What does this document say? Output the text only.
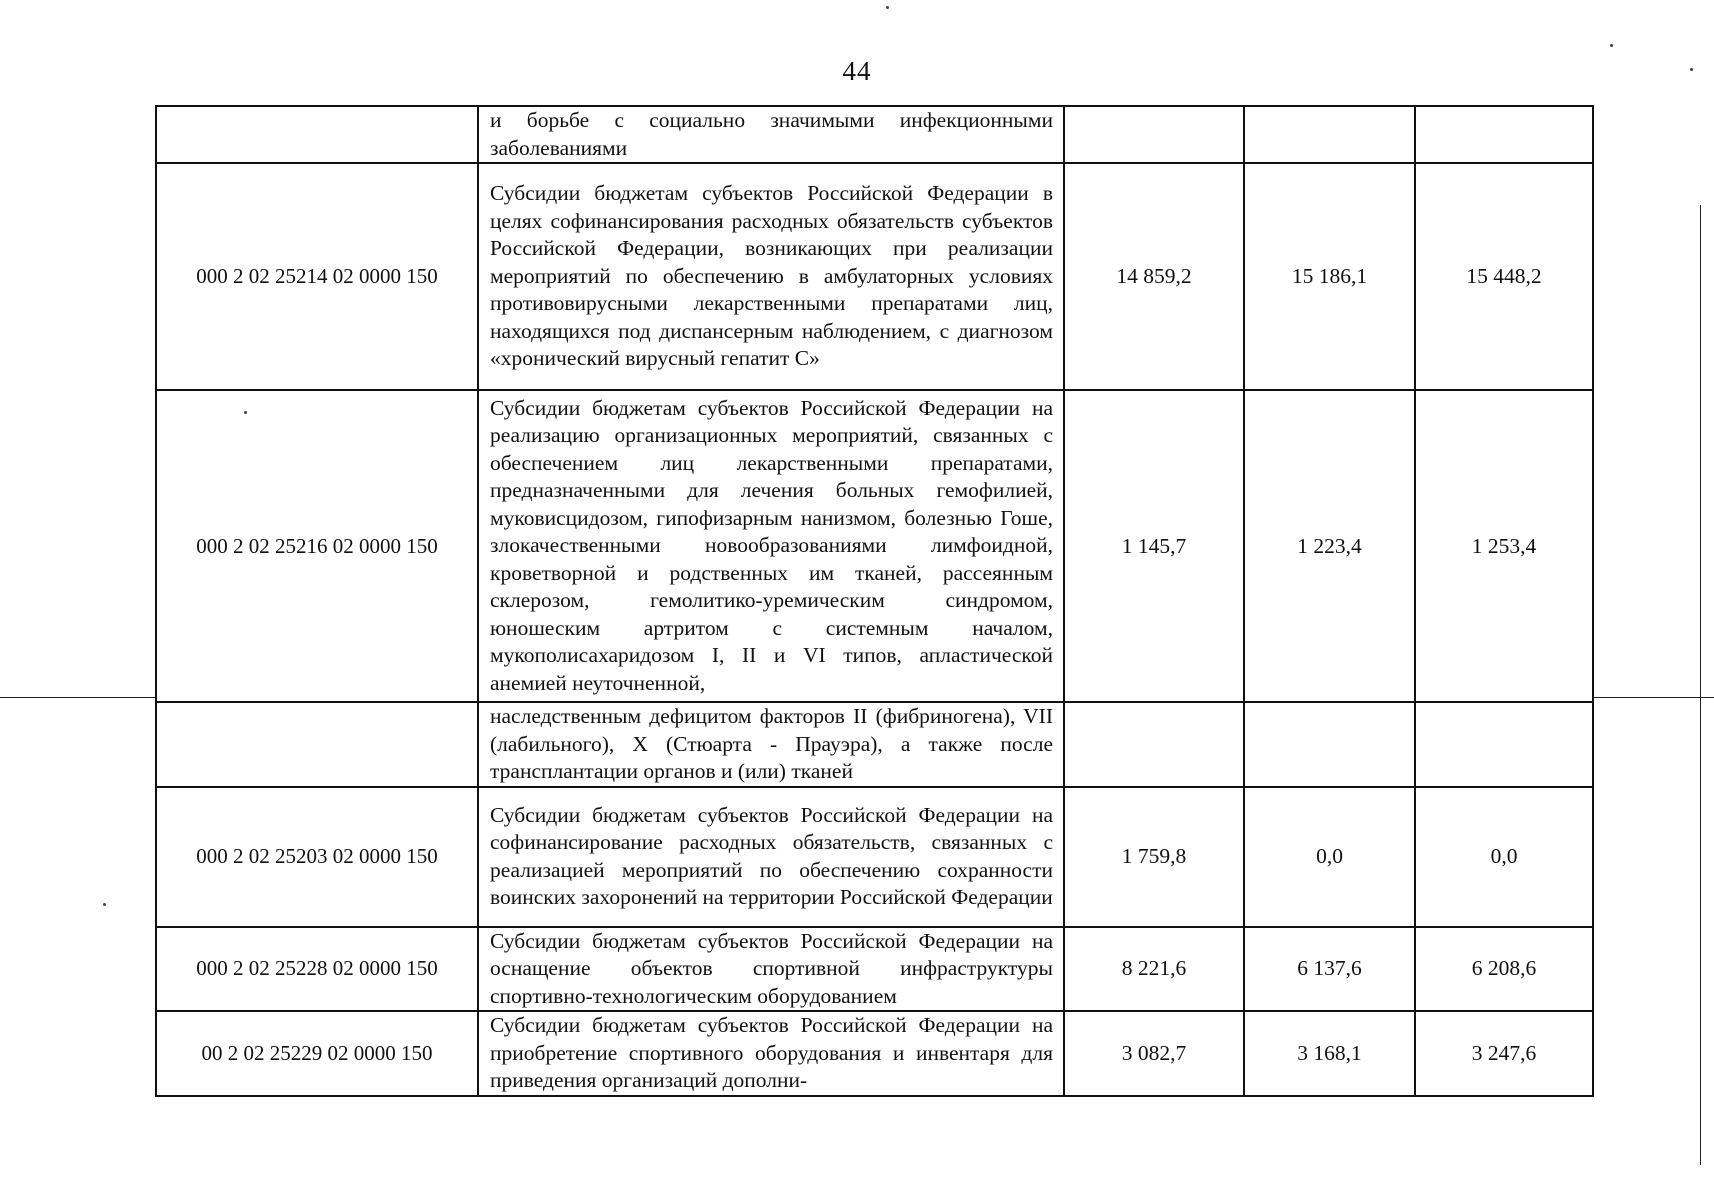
44
	и борьбе с социально значимыми инфекционными заболеваниями			
000 2 02 25214 02 0000 150	Субсидии бюджетам субъектов Российской Федерации в целях софинансирования расходных обязательств субъектов Российской Федерации, возникающих при реализации мероприятий по обеспечению в амбулаторных условиях противовирусными лекарственными препаратами лиц, находящихся под диспансерным наблюдением, с диагнозом «хронический вирусный гепатит С»	14 859,2	15 186,1	15 448,2
000 2 02 25216 02 0000 150	Субсидии бюджетам субъектов Российской Федерации на реализацию организационных мероприятий, связанных с обеспечением лиц лекарственными препаратами, предназначенными для лечения больных гемофилией, муковисцидозом, гипофизарным нанизмом, болезнью Гоше, злокачественными новообразованиями лимфоидной, кроветворной и родственных им тканей, рассеянным склерозом, гемолитико-уремическим синдромом, юношеским артритом с системным началом, мукополисахаридозом I, II и VI типов, апластической анемией неуточненной,	1 145,7	1 223,4	1 253,4
	наследственным дефицитом факторов II (фибриногена), VII (лабильного), X (Стюарта - Прауэра), а также после трансплантации органов и (или) тканей			
000 2 02 25203 02 0000 150	Субсидии бюджетам субъектов Российской Федерации на софинансирование расходных обязательств, связанных с реализацией мероприятий по обеспечению сохранности воинских захоронений на территории Российской Федерации	1 759,8	0,0	0,0
000 2 02 25228 02 0000 150	Субсидии бюджетам субъектов Российской Федерации на оснащение объектов спортивной инфраструктуры спортивно-технологическим оборудованием	8 221,6	6 137,6	6 208,6
00 2 02 25229 02 0000 150	Субсидии бюджетам субъектов Российской Федерации на приобретение спортивного оборудования и инвентаря для приведения организаций дополни-	3 082,7	3 168,1	3 247,6
